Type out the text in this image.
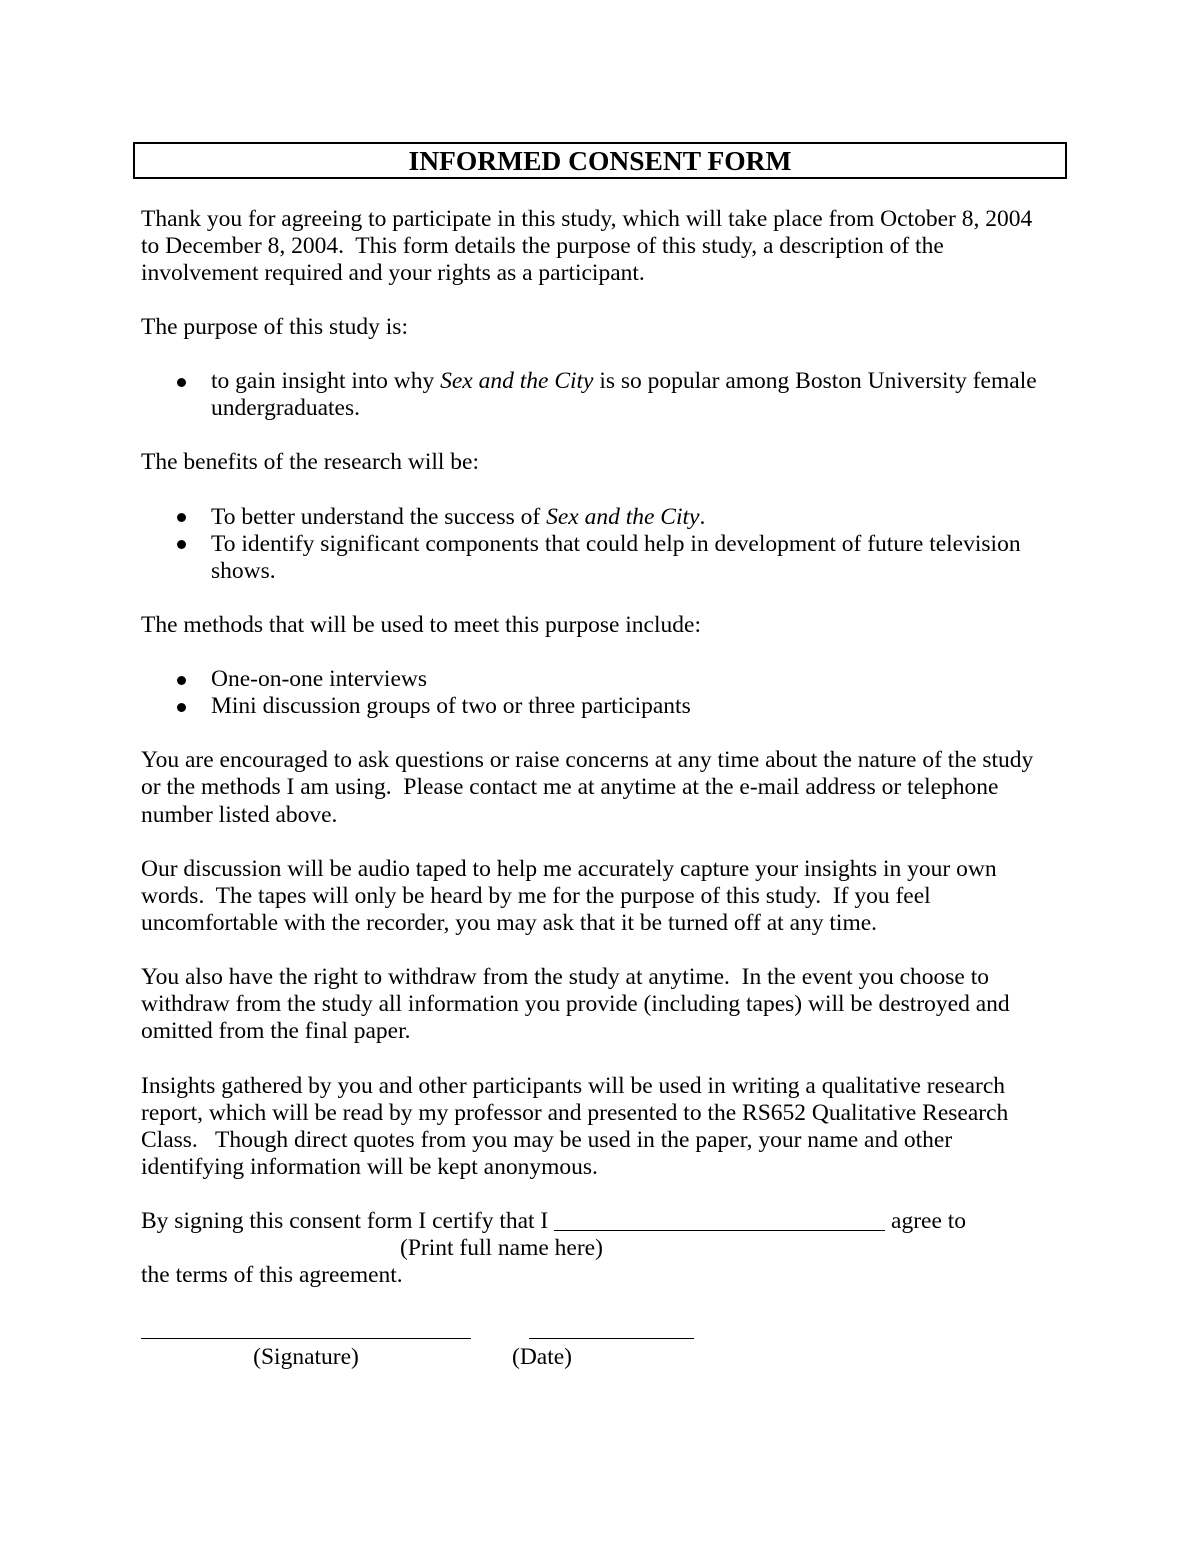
INFORMED CONSENT FORM
Thank you for agreeing to participate in this study, which will take place from October 8, 2004
to December 8, 2004.  This form details the purpose of this study, a description of the
involvement required and your rights as a participant.
The purpose of this study is:
to gain insight into why Sex and the City is so popular among Boston University female
undergraduates.
The benefits of the research will be:
To better understand the success of Sex and the City.
To identify significant components that could help in development of future television
shows.
The methods that will be used to meet this purpose include:
One-on-one interviews
Mini discussion groups of two or three participants
You are encouraged to ask questions or raise concerns at any time about the nature of the study
or the methods I am using.  Please contact me at anytime at the e-mail address or telephone
number listed above.
Our discussion will be audio taped to help me accurately capture your insights in your own
words.  The tapes will only be heard by me for the purpose of this study.  If you feel
uncomfortable with the recorder, you may ask that it be turned off at any time.
You also have the right to withdraw from the study at anytime.  In the event you choose to
withdraw from the study all information you provide (including tapes) will be destroyed and
omitted from the final paper.
Insights gathered by you and other participants will be used in writing a qualitative research
report, which will be read by my professor and presented to the RS652 Qualitative Research
Class.   Though direct quotes from you may be used in the paper, your name and other
identifying information will be kept anonymous.
By signing this consent form I certify that I	agree to
(Print full name here)
the terms of this agreement.
(Signature)	(Date)
